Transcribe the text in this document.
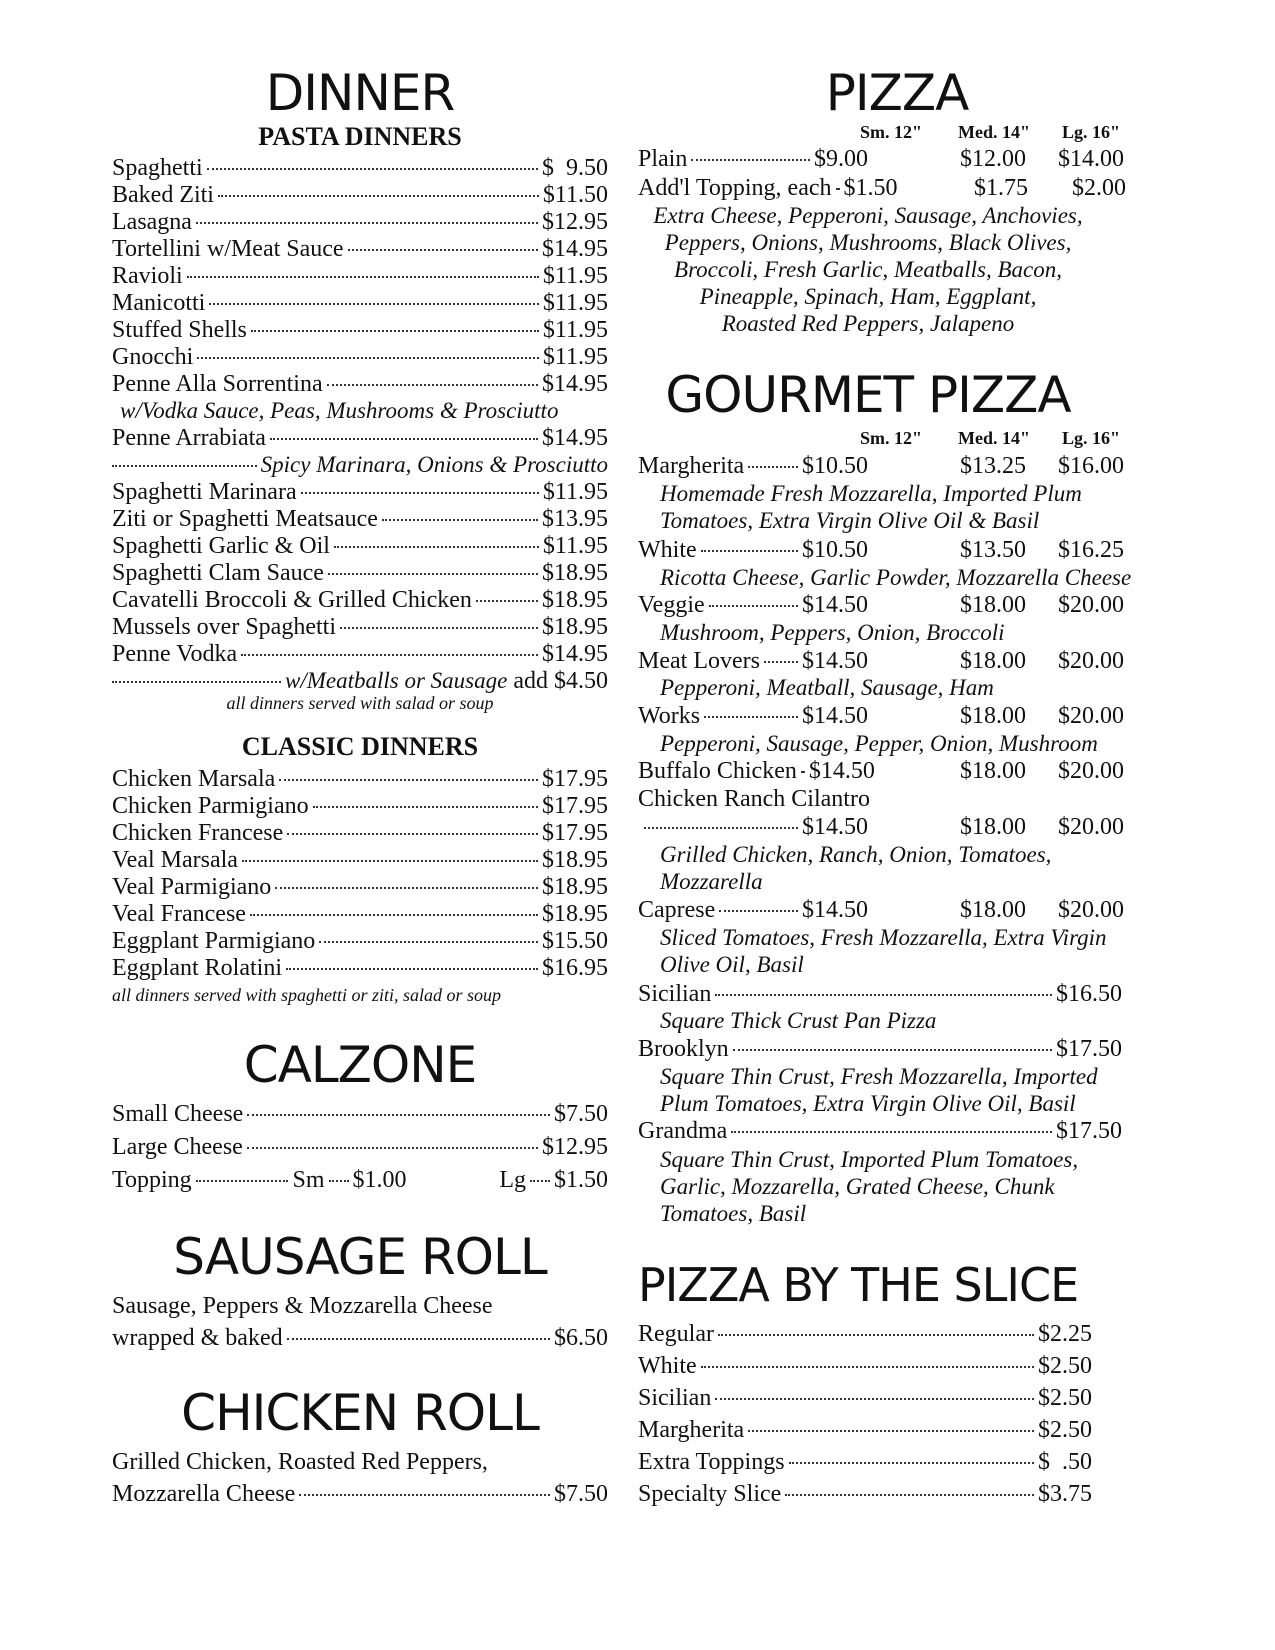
DINNER
PASTA DINNERS
Spaghetti	$  9.50
Baked Ziti	$11.50
Lasagna	$12.95
Tortellini w/Meat Sauce	$14.95
Ravioli	$11.95
Manicotti	$11.95
Stuffed Shells	$11.95
Gnocchi	$11.95
Penne Alla Sorrentina	$14.95
w/Vodka Sauce, Peas, Mushrooms & Prosciutto
Penne Arrabiata	$14.95
Spicy Marinara, Onions & Prosciutto
Spaghetti Marinara	$11.95
Ziti or Spaghetti Meatsauce	$13.95
Spaghetti Garlic & Oil	$11.95
Spaghetti Clam Sauce	$18.95
Cavatelli Broccoli & Grilled Chicken	$18.95
Mussels over Spaghetti	$18.95
Penne Vodka	$14.95
w/Meatballs or Sausage add $4.50
all dinners served with salad or soup
CLASSIC DINNERS
Chicken Marsala	$17.95
Chicken Parmigiano	$17.95
Chicken Francese	$17.95
Veal Marsala	$18.95
Veal Parmigiano	$18.95
Veal Francese	$18.95
Eggplant Parmigiano	$15.50
Eggplant Rolatini	$16.95
all dinners served with spaghetti or ziti, salad or soup
CALZONE
Small Cheese	$7.50
Large Cheese	$12.95
Topping	Sm $1.00	Lg $1.50
SAUSAGE ROLL
Sausage, Peppers & Mozzarella Cheese
wrapped & baked	$6.50
CHICKEN ROLL
Grilled Chicken, Roasted Red Peppers,
Mozzarella Cheese	$7.50
PIZZA
Sm. 12" Med. 14" Lg. 16"
Plain	$9.00	$12.00 $14.00
Add'l Topping, each $1.50	$1.75 $2.00
Extra Cheese, Pepperoni, Sausage, Anchovies,
Peppers, Onions, Mushrooms, Black Olives,
Broccoli, Fresh Garlic, Meatballs, Bacon,
Pineapple, Spinach, Ham, Eggplant,
Roasted Red Peppers, Jalapeno
GOURMET PIZZA
Sm. 12" Med. 14" Lg. 16"
Margherita $10.50	$13.25 $16.00
Homemade Fresh Mozzarella, Imported Plum
Tomatoes, Extra Virgin Olive Oil & Basil
White	$10.50	$13.50 $16.25
Ricotta Cheese, Garlic Powder, Mozzarella Cheese
Veggie	$14.50	$18.00 $20.00
Mushroom, Peppers, Onion, Broccoli
Meat Lovers $14.50	$18.00 $20.00
Pepperoni, Meatball, Sausage, Ham
Works	$14.50	$18.00 $20.00
Pepperoni, Sausage, Pepper, Onion, Mushroom
Buffalo Chicken $14.50	$18.00 $20.00
Chicken Ranch Cilantro
$14.50	$18.00 $20.00
Grilled Chicken, Ranch, Onion, Tomatoes,
Mozzarella
Caprese	$14.50	$18.00 $20.00
Sliced Tomatoes, Fresh Mozzarella, Extra Virgin
Olive Oil, Basil
Sicilian	$16.50
Square Thick Crust Pan Pizza
Brooklyn	$17.50
Square Thin Crust, Fresh Mozzarella, Imported
Plum Tomatoes, Extra Virgin Olive Oil, Basil
Grandma	$17.50
Square Thin Crust, Imported Plum Tomatoes,
Garlic, Mozzarella, Grated Cheese, Chunk
Tomatoes, Basil
PIZZA BY THE SLICE
Regular	$2.25
White	$2.50
Sicilian	$2.50
Margherita	$2.50
Extra Toppings	$  .50
Specialty Slice	$3.75
